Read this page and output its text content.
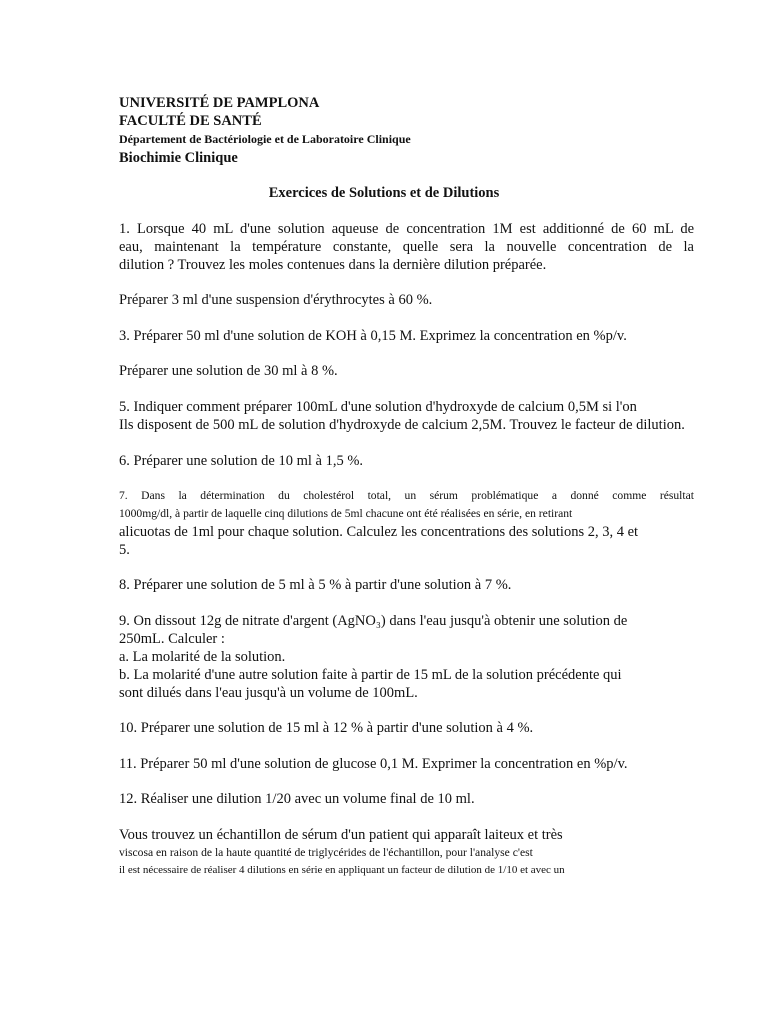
UNIVERSITÉ DE PAMPLONA
FACULTÉ DE SANTÉ
Département de Bactériologie et de Laboratoire Clinique
Biochimie Clinique
Exercices de Solutions et de Dilutions
1. Lorsque 40 mL d'une solution aqueuse de concentration 1M est additionné de 60 mL de
eau, maintenant la température constante, quelle sera la nouvelle concentration de la
dilution ? Trouvez les moles contenues dans la dernière dilution préparée.
Préparer 3 ml d'une suspension d'érythrocytes à 60 %.
3. Préparer 50 ml d'une solution de KOH à 0,15 M. Exprimez la concentration en %p/v.
Préparer une solution de 30 ml à 8 %.
5. Indiquer comment préparer 100mL d'une solution d'hydroxyde de calcium 0,5M si l'on
Ils disposent de 500 mL de solution d'hydroxyde de calcium 2,5M. Trouvez le facteur de dilution.
6. Préparer une solution de 10 ml à 1,5 %.
7. Dans la détermination du cholestérol total, un sérum problématique a donné comme résultat
1000mg/dl, à partir de laquelle cinq dilutions de 5ml chacune ont été réalisées en série, en retirant
alicuotas de 1ml pour chaque solution. Calculez les concentrations des solutions 2, 3, 4 et
5.
8. Préparer une solution de 5 ml à 5 % à partir d'une solution à 7 %.
9. On dissout 12g de nitrate d'argent (AgNO₃) dans l'eau jusqu'à obtenir une solution de
250mL. Calculer :
a. La molarité de la solution.
b. La molarité d'une autre solution faite à partir de 15 mL de la solution précédente qui
sont dilués dans l'eau jusqu'à un volume de 100mL.
10. Préparer une solution de 15 ml à 12 % à partir d'une solution à 4 %.
11. Préparer 50 ml d'une solution de glucose 0,1 M. Exprimer la concentration en %p/v.
12. Réaliser une dilution 1/20 avec un volume final de 10 ml.
Vous trouvez un échantillon de sérum d'un patient qui apparaît laiteux et très
viscosa en raison de la haute quantité de triglycérides de l'échantillon, pour l'analyse c'est
il est nécessaire de réaliser 4 dilutions en série en appliquant un facteur de dilution de 1/10 et avec un
